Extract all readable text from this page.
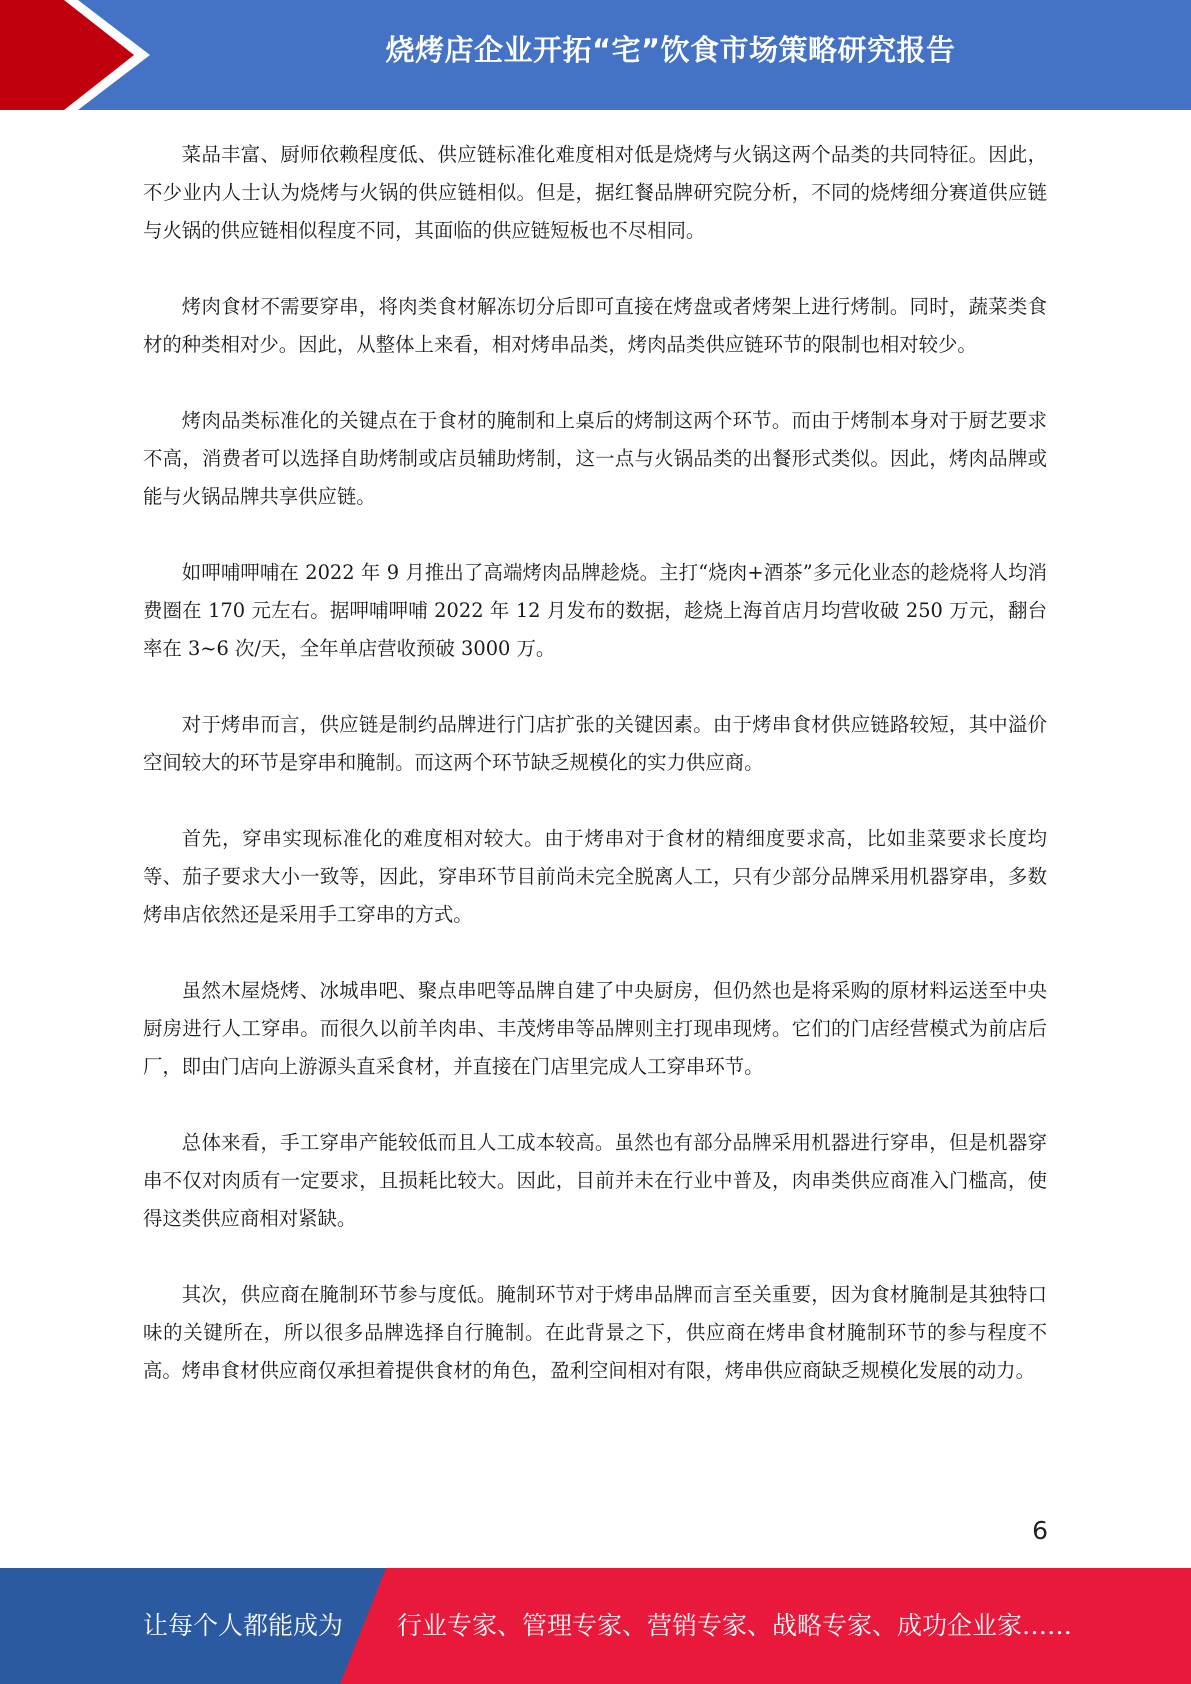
烧烤店企业开拓“宅”饮食市场策略研究报告

菜品丰富、厨师依赖程度低、供应链标准化难度相对低是烧烤与火锅这两个品类的共同特征。因此，不少业内人士认为烧烤与火锅的供应链相似。但是，据红餐品牌研究院分析，不同的烧烤细分赛道供应链与火锅的供应链相似程度不同，其面临的供应链短板也不尽相同。

烤肉食材不需要穿串，将肉类食材解冻切分后即可直接在烤盘或者烤架上进行烤制。同时，蔬菜类食材的种类相对少。因此，从整体上来看，相对烤串品类，烤肉品类供应链环节的限制也相对较少。

烤肉品类标准化的关键点在于食材的腌制和上桌后的烤制这两个环节。而由于烤制本身对于厨艺要求不高，消费者可以选择自助烤制或店员辅助烤制，这一点与火锅品类的出餐形式类似。因此，烤肉品牌或能与火锅品牌共享供应链。

如呷哺呷哺在 2022 年 9 月推出了高端烤肉品牌趁烧。主打“烧肉+酒茶”多元化业态的趁烧将人均消费圈在 170 元左右。据呷哺呷哺 2022 年 12 月发布的数据，趁烧上海首店月均营收破 250 万元，翻台率在 3~6 次/天，全年单店营收预破 3000 万。

对于烤串而言，供应链是制约品牌进行门店扩张的关键因素。由于烤串食材供应链路较短，其中溢价空间较大的环节是穿串和腌制。而这两个环节缺乏规模化的实力供应商。

首先，穿串实现标准化的难度相对较大。由于烤串对于食材的精细度要求高，比如韭菜要求长度均等、茄子要求大小一致等，因此，穿串环节目前尚未完全脱离人工，只有少部分品牌采用机器穿串，多数烤串店依然还是采用手工穿串的方式。

虽然木屋烧烤、冰城串吧、聚点串吧等品牌自建了中央厨房，但仍然也是将采购的原材料运送至中央厨房进行人工穿串。而很久以前羊肉串、丰茂烤串等品牌则主打现串现烤。它们的门店经营模式为前店后厂，即由门店向上游源头直采食材，并直接在门店里完成人工穿串环节。

总体来看，手工穿串产能较低而且人工成本较高。虽然也有部分品牌采用机器进行穿串，但是机器穿串不仅对肉质有一定要求，且损耗比较大。因此，目前并未在行业中普及，肉串类供应商准入门槛高，使得这类供应商相对紧缺。

其次，供应商在腌制环节参与度低。腌制环节对于烤串品牌而言至关重要，因为食材腌制是其独特口味的关键所在，所以很多品牌选择自行腌制。在此背景之下，供应商在烤串食材腌制环节的参与程度不高。烤串食材供应商仅承担着提供食材的角色，盈利空间相对有限，烤串供应商缺乏规模化发展的动力。

6
让每个人都能成为 行业专家、管理专家、营销专家、战略专家、成功企业家……
